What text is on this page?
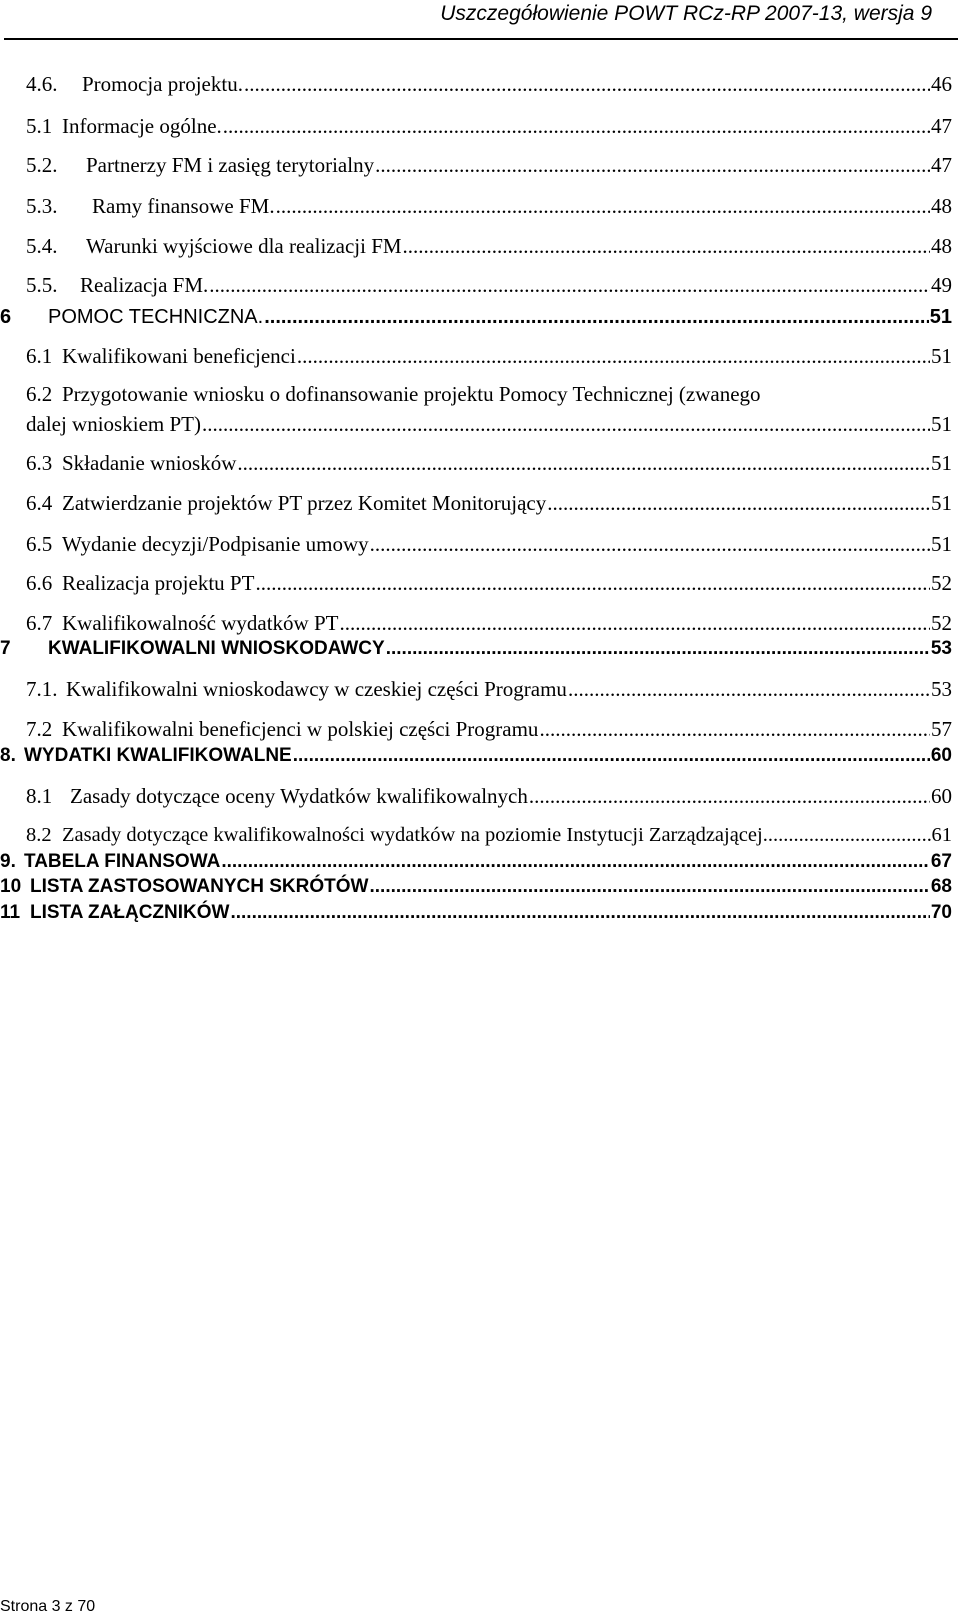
Uszczegółowienie POWT RCz-RP 2007-13, wersja 9
4.6.	Promocja projektu. .....	46
5.1 Informacje ogólne. .....	47
5.2.	Partnerzy FM i zasięg terytorialny .....	47
5.3.	Ramy finansowe FM. .....	48
5.4.	Warunki wyjściowe dla realizacji FM .....	48
5.5.	Realizacja FM. .....	49
6	POMOC TECHNICZNA. .....	51
6.1 Kwalifikowani beneficjenci .....	51
6.2 Przygotowanie wniosku o dofinansowanie projektu Pomocy Technicznej (zwanego
dalej wnioskiem PT) .....	51
6.3 Składanie wniosków .....	51
6.4 Zatwierdzanie projektów PT przez Komitet Monitorujący .....	51
6.5 Wydanie decyzji/Podpisanie umowy .....	51
6.6 Realizacja projektu PT .....	52
6.7 Kwalifikowalność wydatków PT .....	52
7	KWALIFIKOWALNI WNIOSKODAWCY .....	53
7.1. Kwalifikowalni wnioskodawcy w czeskiej części Programu .....	53
7.2 Kwalifikowalni beneficjenci w polskiej części Programu .....	57
8. WYDATKI KWALIFIKOWALNE .....	60
8.1 Zasady dotyczące oceny Wydatków kwalifikowalnych .....	60
8.2 Zasady dotyczące kwalifikowalności wydatków na poziomie Instytucji Zarządzającej .....	61
9. TABELA FINANSOWA .....	67
10 LISTA ZASTOSOWANYCH SKRÓTÓW .....	68
11 LISTA ZAŁĄCZNIKÓW .....	70
Strona 3 z 70
